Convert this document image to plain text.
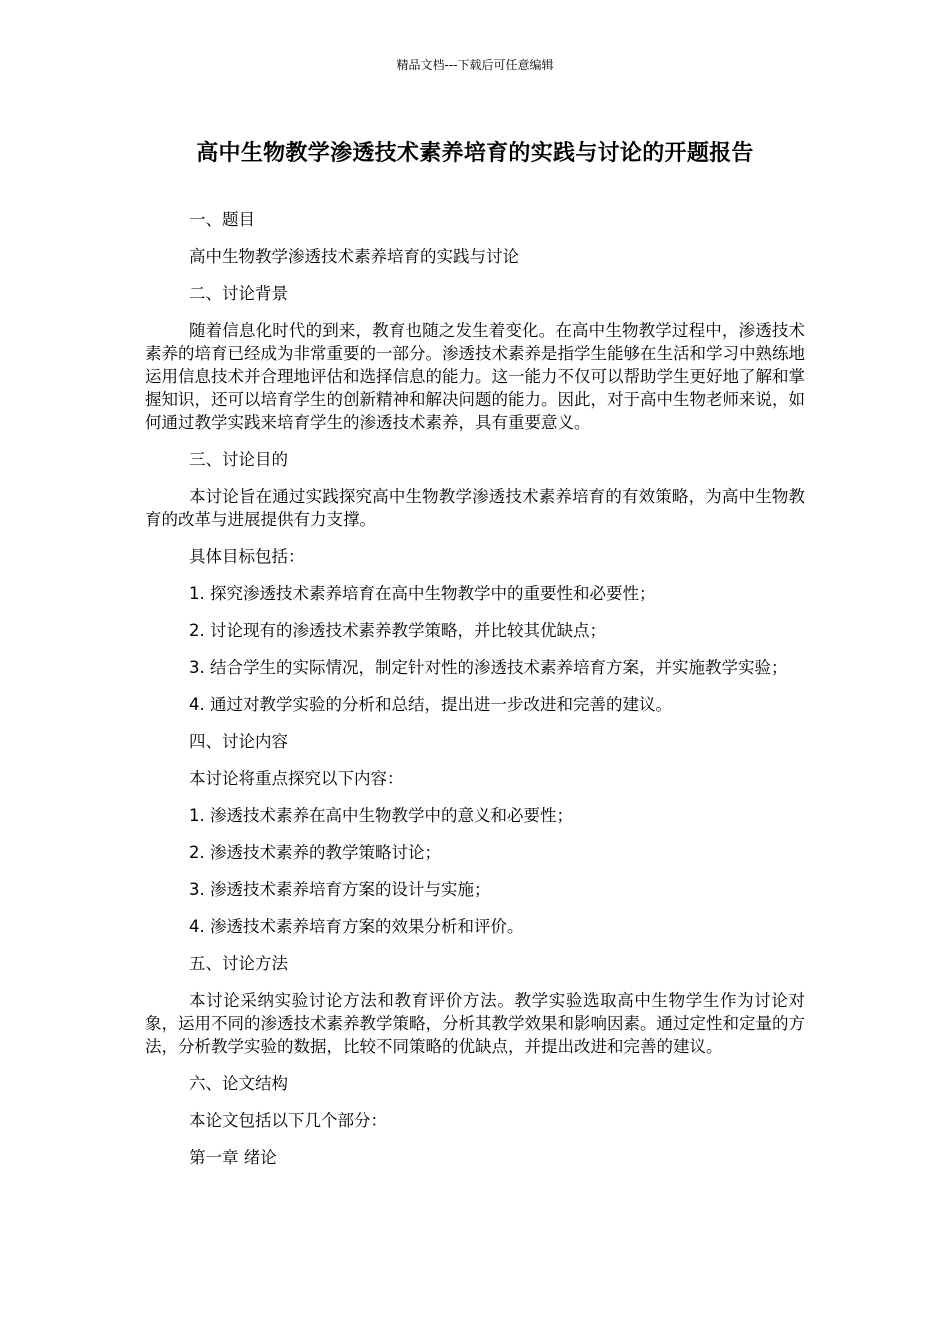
精品文档---下载后可任意编辑
高中生物教学渗透技术素养培育的实践与讨论的开题报告

一、题目

高中生物教学渗透技术素养培育的实践与讨论

二、讨论背景

随着信息化时代的到来，教育也随之发生着变化。在高中生物教学过程中，渗透技术素养的培育已经成为非常重要的一部分。渗透技术素养是指学生能够在生活和学习中熟练地运用信息技术并合理地评估和选择信息的能力。这一能力不仅可以帮助学生更好地了解和掌握知识，还可以培育学生的创新精神和解决问题的能力。因此，对于高中生物老师来说，如何通过教学实践来培育学生的渗透技术素养，具有重要意义。

三、讨论目的

本讨论旨在通过实践探究高中生物教学渗透技术素养培育的有效策略，为高中生物教育的改革与进展提供有力支撑。

具体目标包括：

1. 探究渗透技术素养培育在高中生物教学中的重要性和必要性；

2. 讨论现有的渗透技术素养教学策略，并比较其优缺点；

3. 结合学生的实际情况，制定针对性的渗透技术素养培育方案，并实施教学实验；

4. 通过对教学实验的分析和总结，提出进一步改进和完善的建议。

四、讨论内容

本讨论将重点探究以下内容：

1. 渗透技术素养在高中生物教学中的意义和必要性；

2. 渗透技术素养的教学策略讨论；

3. 渗透技术素养培育方案的设计与实施；

4. 渗透技术素养培育方案的效果分析和评价。

五、讨论方法

本讨论采纳实验讨论方法和教育评价方法。教学实验选取高中生物学生作为讨论对象，运用不同的渗透技术素养教学策略，分析其教学效果和影响因素。通过定性和定量的方法，分析教学实验的数据，比较不同策略的优缺点，并提出改进和完善的建议。

六、论文结构

本论文包括以下几个部分：

第一章 绪论
